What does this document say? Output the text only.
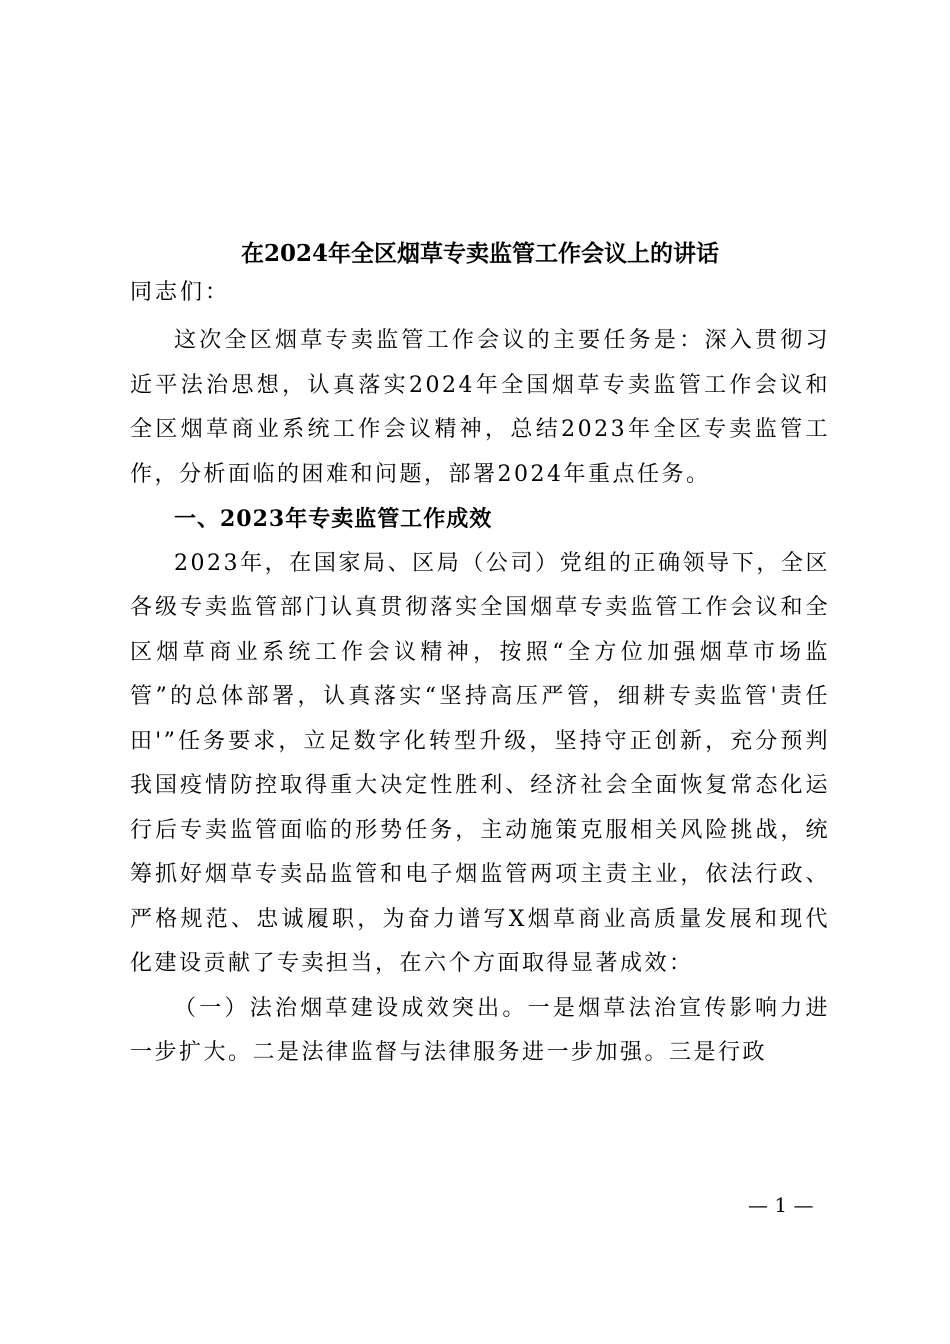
在2024年全区烟草专卖监管工作会议上的讲话

同志们：

这次全区烟草专卖监管工作会议的主要任务是：深入贯彻习近平法治思想，认真落实2024年全国烟草专卖监管工作会议和全区烟草商业系统工作会议精神，总结2023年全区专卖监管工作，分析面临的困难和问题，部署2024年重点任务。

一、2023年专卖监管工作成效

2023年，在国家局、区局（公司）党组的正确领导下，全区各级专卖监管部门认真贯彻落实全国烟草专卖监管工作会议和全区烟草商业系统工作会议精神，按照“全方位加强烟草市场监管”的总体部署，认真落实“坚持高压严管，细耕专卖监管'责任田'”任务要求，立足数字化转型升级，坚持守正创新，充分预判我国疫情防控取得重大决定性胜利、经济社会全面恢复常态化运行后专卖监管面临的形势任务，主动施策克服相关风险挑战，统筹抓好烟草专卖品监管和电子烟监管两项主责主业，依法行政、严格规范、忠诚履职，为奋力谱写X烟草商业高质量发展和现代化建设贡献了专卖担当，在六个方面取得显著成效：

（一）法治烟草建设成效突出。一是烟草法治宣传影响力进一步扩大。二是法律监督与法律服务进一步加强。三是行政

— 1 —
